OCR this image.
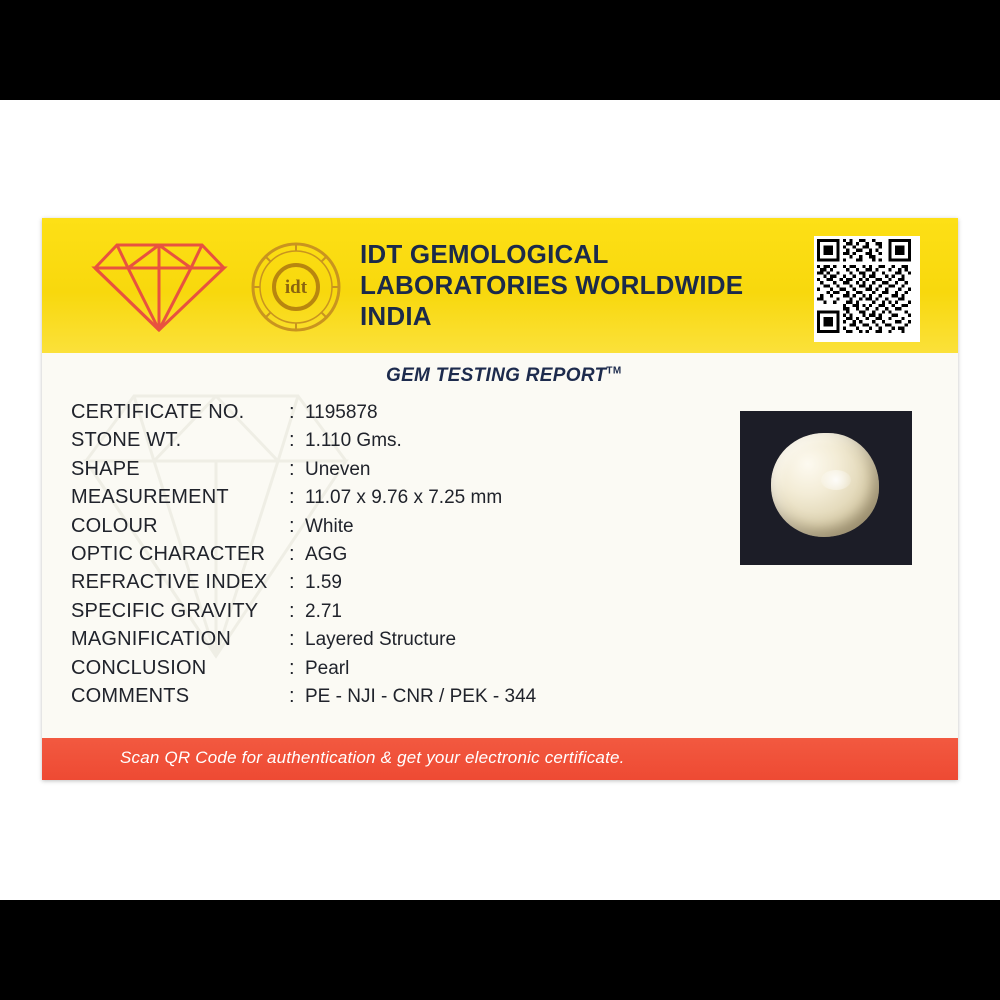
idt
IDT GEMOLOGICAL
LABORATORIES WORLDWIDE
INDIA
GEM TESTING REPORT™
CERTIFICATE NO.	: 1195878
STONE WT.	: 1.110 Gms.
SHAPE	: Uneven
MEASUREMENT	: 11.07 x 9.76 x 7.25 mm
COLOUR	: White
OPTIC CHARACTER	: AGG
REFRACTIVE INDEX	: 1.59
SPECIFIC GRAVITY	: 2.71
MAGNIFICATION	: Layered Structure
CONCLUSION	: Pearl
COMMENTS	: PE - NJI - CNR / PEK - 344
Scan QR Code for authentication & get your electronic certificate.
